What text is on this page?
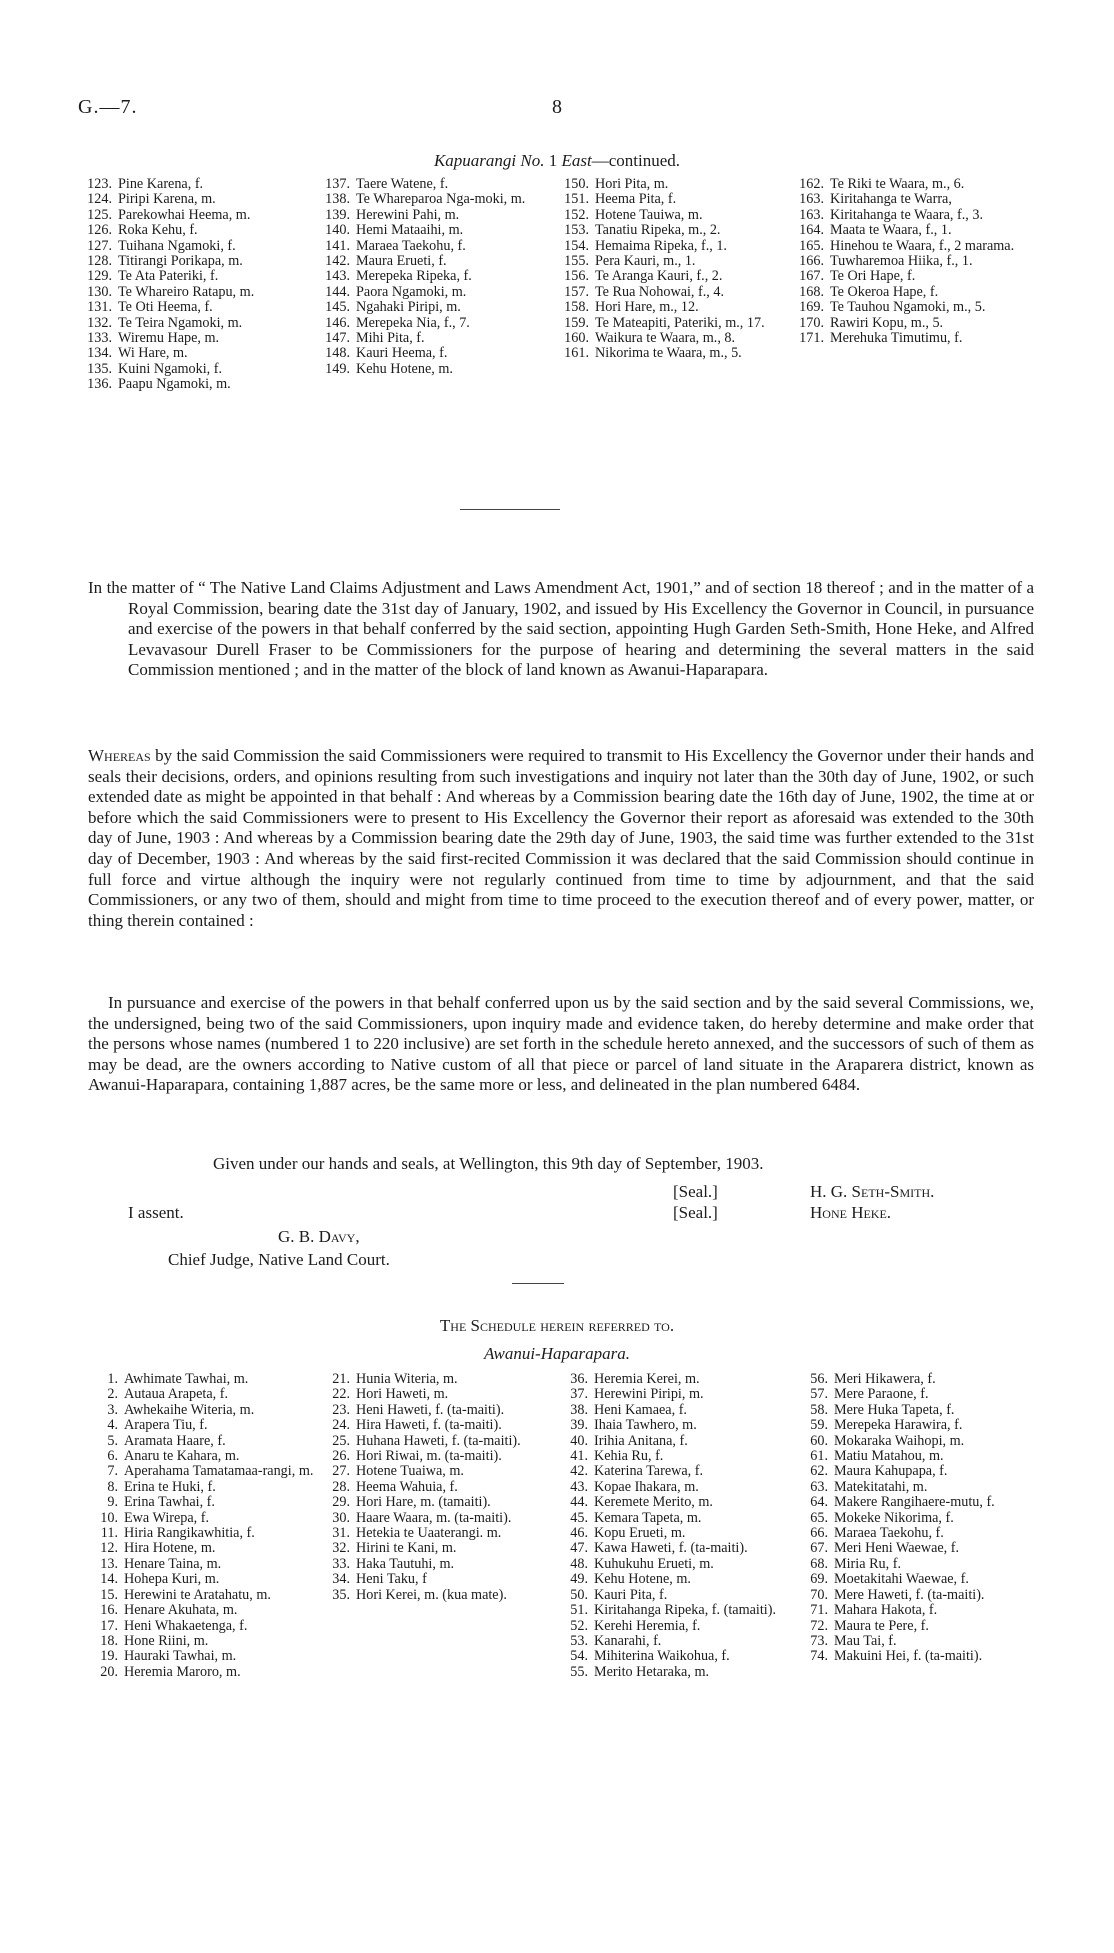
G.—7.	8
Kapuarangi No. 1 East—continued.
123. Pine Karena, f.
124. Piripi Karena, m.
125. Parekowhai Heema, m.
126. Roka Kehu, f.
127. Tuihana Ngamoki, f.
128. Titirangi Porikapa, m.
129. Te Ata Pateriki, f.
130. Te Whareiro Ratapu, m.
131. Te Oti Heema, f.
132. Te Teira Ngamoki, m.
133. Wiremu Hape, m.
134. Wi Hare, m.
135. Kuini Ngamoki, f.
136. Paapu Ngamoki, m.
137. Taere Watene, f.
138. Te Whareparoa Nga-moki, m.
139. Herewini Pahi, m.
140. Hemi Mataaihi, m.
141. Maraea Taekohu, f.
142. Maura Erueti, f.
143. Merepeka Ripeka, f.
144. Paora Ngamoki, m.
145. Ngahaki Piripi, m.
146. Merepeka Nia, f., 7.
147. Mihi Pita, f.
148. Kauri Heema, f.
149. Kehu Hotene, m.
150. Hori Pita, m.
151. Heema Pita, f.
152. Hotene Tauiwa, m.
153. Tanatiu Ripeka, m., 2.
154. Hemaima Ripeka, f., 1.
155. Pera Kauri, m., 1.
156. Te Aranga Kauri, f., 2.
157. Te Rua Nohowai, f., 4.
158. Hori Hare, m., 12.
159. Te Mateapiti, Pateriki, m., 17.
160. Waikura te Waara, m., 8.
161. Nikorima te Waara, m., 5.
162. Te Riki te Waara, m., 6.
163. Kiritahanga te Warra,
163. Kiritahanga te Waara, f., 3.
164. Maata te Waara, f., 1.
165. Hinehou te Waara, f., 2 marama.
166. Tuwharemoa Hiika, f., 1.
167. Te Ori Hape, f.
168. Te Okeroa Hape, f.
169. Te Tauhou Ngamoki, m., 5.
170. Rawiri Kopu, m., 5.
171. Merehuka Timutimu, f.
In the matter of “ The Native Land Claims Adjustment and Laws Amendment Act, 1901,” and of section 18 thereof ; and in the matter of a Royal Commission, bearing date the 31st day of January, 1902, and issued by His Excellency the Governor in Council, in pursuance and exercise of the powers in that behalf conferred by the said section, appointing Hugh Garden Seth-Smith, Hone Heke, and Alfred Levavasour Durell Fraser to be Commissioners for the purpose of hearing and determining the several matters in the said Commission mentioned ; and in the matter of the block of land known as Awanui-Haparapara.
Whereas by the said Commission the said Commissioners were required to transmit to His Excellency the Governor under their hands and seals their decisions, orders, and opinions resulting from such investigations and inquiry not later than the 30th day of June, 1902, or such extended date as might be appointed in that behalf : And whereas by a Commission bearing date the 16th day of June, 1902, the time at or before which the said Commissioners were to present to His Excellency the Governor their report as aforesaid was extended to the 30th day of June, 1903 : And whereas by a Commission bearing date the 29th day of June, 1903, the said time was further extended to the 31st day of December, 1903 : And whereas by the said first-recited Commission it was declared that the said Commission should continue in full force and virtue although the inquiry were not regularly continued from time to time by adjournment, and that the said Commissioners, or any two of them, should and might from time to time proceed to the execution thereof and of every power, matter, or thing therein contained :
In pursuance and exercise of the powers in that behalf conferred upon us by the said section and by the said several Commissions, we, the undersigned, being two of the said Commissioners, upon inquiry made and evidence taken, do hereby determine and make order that the persons whose names (numbered 1 to 220 inclusive) are set forth in the schedule hereto annexed, and the successors of such of them as may be dead, are the owners according to Native custom of all that piece or parcel of land situate in the Araparera district, known as Awanui-Haparapara, containing 1,887 acres, be the same more or less, and delineated in the plan numbered 6484.
Given under our hands and seals, at Wellington, this 9th day of September, 1903.
[Seal.]	H. G. Seth-Smith.
[Seal.]	Hone Heke.
I assent.
G. B. Davy,
Chief Judge, Native Land Court.
The Schedule herein referred to.
Awanui-Haparapara.
1. Awhimate Tawhai, m.
2. Autaua Arapeta, f.
3. Awhekaihe Witeria, m.
4. Arapera Tiu, f.
5. Aramata Haare, f.
6. Anaru te Kahara, m.
7. Aperahama Tamatamaa-rangi, m.
8. Erina te Huki, f.
9. Erina Tawhai, f.
10. Ewa Wirepa, f.
11. Hiria Rangikawhitia, f.
12. Hira Hotene, m.
13. Henare Taina, m.
14. Hohepa Kuri, m.
15. Herewini te Aratahatu, m.
16. Henare Akuhata, m.
17. Heni Whakaetenga, f.
18. Hone Riini, m.
19. Hauraki Tawhai, m.
20. Heremia Maroro, m.
21. Hunia Witeria, m.
22. Hori Haweti, m.
23. Heni Haweti, f. (ta-maiti).
24. Hira Haweti, f. (ta-maiti).
25. Huhana Haweti, f. (ta-maiti).
26. Hori Riwai, m. (ta-maiti).
27. Hotene Tuaiwa, m.
28. Heema Wahuia, f.
29. Hori Hare, m. (tamaiti).
30. Haare Waara, m. (ta-maiti).
31. Hetekia te Uaaterangi. m.
32. Hirini te Kani, m.
33. Haka Tautuhi, m.
34. Heni Taku, f
35. Hori Kerei, m. (kua mate).
36. Heremia Kerei, m.
37. Herewini Piripi, m.
38. Heni Kamaea, f.
39. Ihaia Tawhero, m.
40. Irihia Anitana, f.
41. Kehia Ru, f.
42. Katerina Tarewa, f.
43. Kopae Ihakara, m.
44. Keremete Merito, m.
45. Kemara Tapeta, m.
46. Kopu Erueti, m.
47. Kawa Haweti, f. (ta-maiti).
48. Kuhukuhu Erueti, m.
49. Kehu Hotene, m.
50. Kauri Pita, f.
51. Kiritahanga Ripeka, f. (tamaiti).
52. Kerehi Heremia, f.
53. Kanarahi, f.
54. Mihiterina Waikohua, f.
55. Merito Hetaraka, m.
56. Meri Hikawera, f.
57. Mere Paraone, f.
58. Mere Huka Tapeta, f.
59. Merepeka Harawira, f.
60. Mokaraka Waihopi, m.
61. Matiu Matahou, m.
62. Maura Kahupapa, f.
63. Matekitatahi, m.
64. Makere Rangihaere-mutu, f.
65. Mokeke Nikorima, f.
66. Maraea Taekohu, f.
67. Meri Heni Waewae, f.
68. Miria Ru, f.
69. Moetakitahi Waewae, f.
70. Mere Haweti, f. (ta-maiti).
71. Mahara Hakota, f.
72. Maura te Pere, f.
73. Mau Tai, f.
74. Makuini Hei, f. (ta-maiti).
